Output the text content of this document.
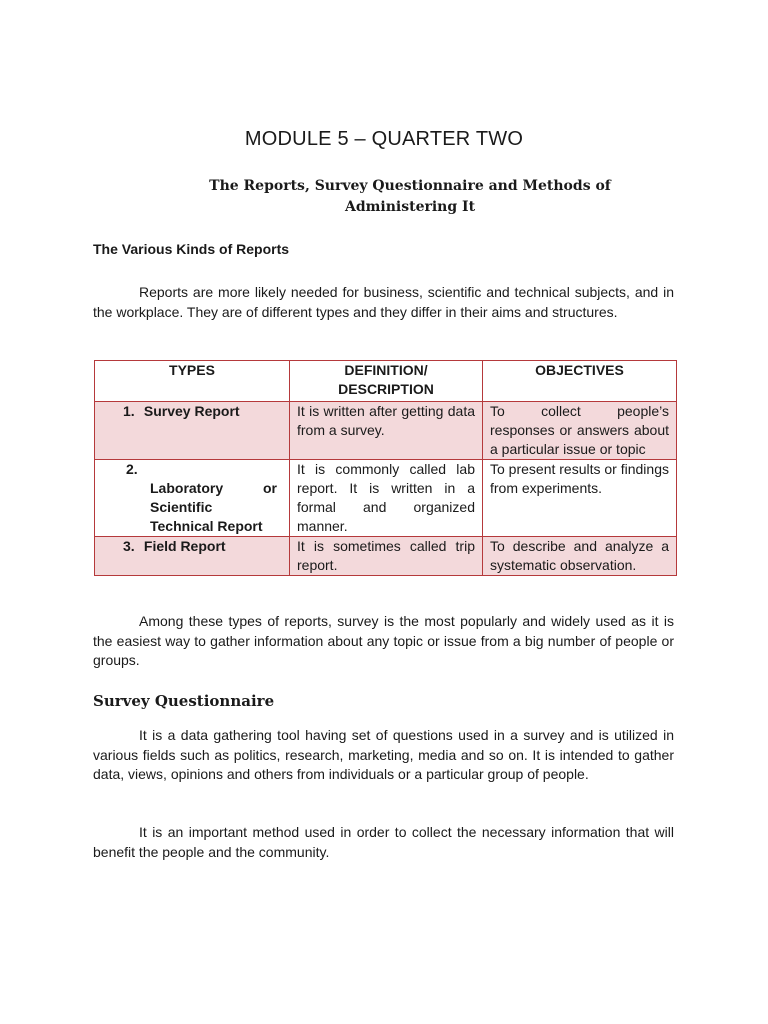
MODULE 5 – QUARTER TWO
The Reports, Survey Questionnaire and Methods of
Administering It
The Various Kinds of Reports

Reports are more likely needed for business, scientific and technical subjects, and in the workplace. They are of different types and they differ in their aims and structures.

TYPES	DEFINITION/ DESCRIPTION	OBJECTIVES

1. Survey Report	It is written after getting data from a survey.	To collect people’s responses or answers about a particular issue or topic

2.
Laboratory or Scientific Technical Report	It is commonly called lab report. It is written in a formal and organized manner.	To present results or findings from experiments.

3. Field Report	It is sometimes called trip report.	To describe and analyze a systematic observation.

Among these types of reports, survey is the most popularly and widely used as it is the easiest way to gather information about any topic or issue from a big number of people or groups.

Survey Questionnaire

It is a data gathering tool having set of questions used in a survey and is utilized in various fields such as politics, research, marketing, media and so on. It is intended to gather data, views, opinions and others from individuals or a particular group of people.

It is an important method used in order to collect the necessary information that will benefit the people and the community.
